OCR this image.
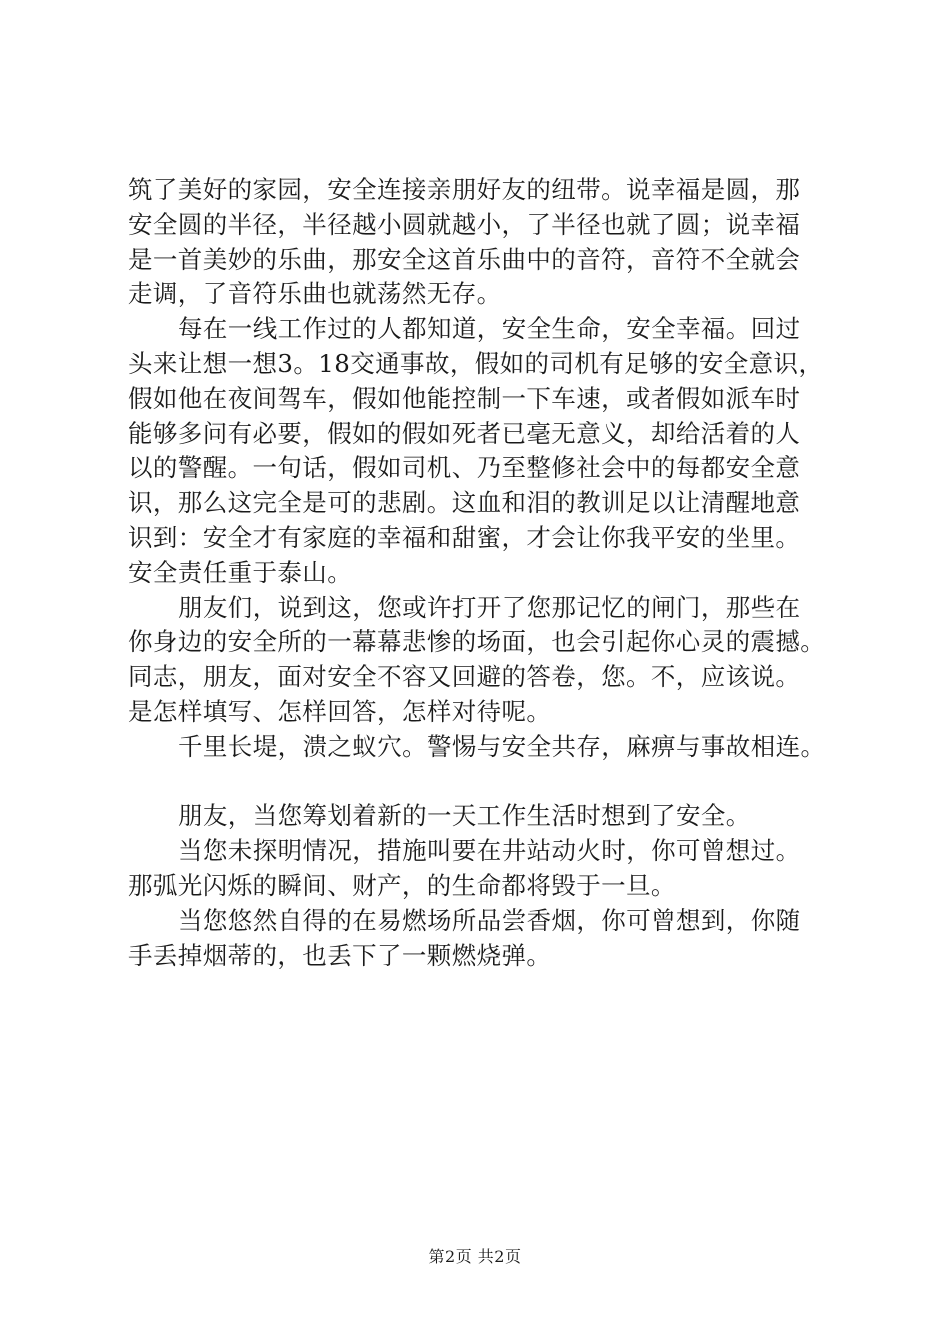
筑了美好的家园，安全连接亲朋好友的纽带。说幸福是圆，那
安全圆的半径，半径越小圆就越小，了半径也就了圆；说幸福
是一首美妙的乐曲，那安全这首乐曲中的音符，音符不全就会
走调，了音符乐曲也就荡然无存。
每在一线工作过的人都知道，安全生命，安全幸福。回过
头来让想一想3。18交通事故，假如的司机有足够的安全意识，
假如他在夜间驾车，假如他能控制一下车速，或者假如派车时
能够多问有必要，假如的假如死者已毫无意义，却给活着的人
以的警醒。一句话，假如司机、乃至整修社会中的每都安全意
识，那么这完全是可的悲剧。这血和泪的教训足以让清醒地意
识到：安全才有家庭的幸福和甜蜜，才会让你我平安的坐里。
安全责任重于泰山。
朋友们，说到这，您或许打开了您那记忆的闸门，那些在
你身边的安全所的一幕幕悲惨的场面，也会引起你心灵的震撼。
同志，朋友，面对安全不容又回避的答卷，您。不，应该说。
是怎样填写、怎样回答，怎样对待呢。
千里长堤，溃之蚁穴。警惕与安全共存，麻痹与事故相连。
朋友，当您筹划着新的一天工作生活时想到了安全。
当您未探明情况，措施叫要在井站动火时，你可曾想过。
那弧光闪烁的瞬间、财产，的生命都将毁于一旦。
当您悠然自得的在易燃场所品尝香烟，你可曾想到，你随
手丢掉烟蒂的，也丢下了一颗燃烧弹。
第2页 共2页
